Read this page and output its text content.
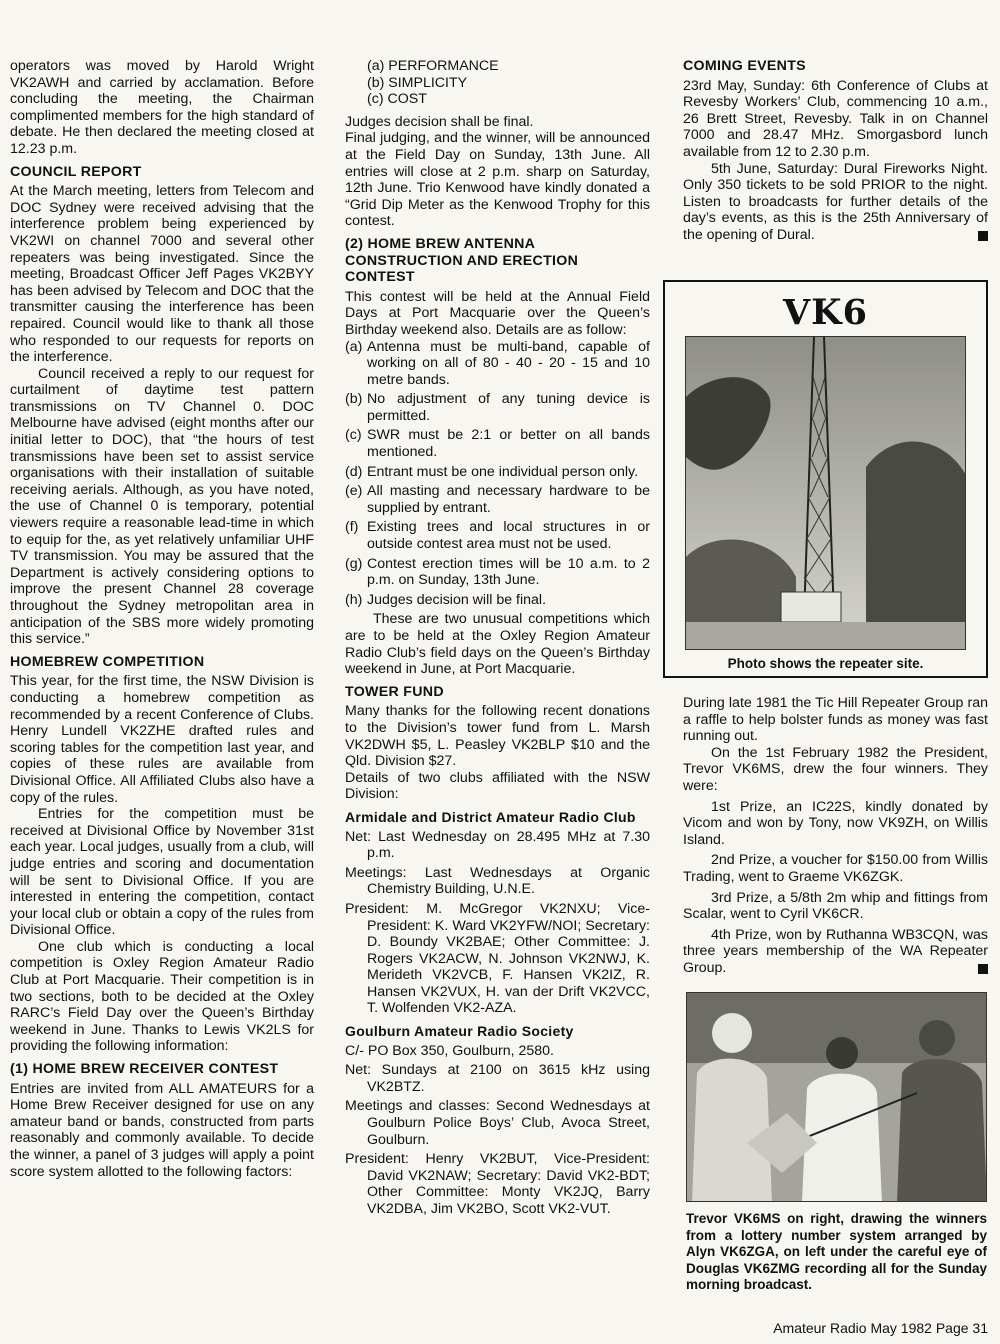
operators was moved by Harold Wright VK2AWH and carried by acclamation. Before concluding the meeting, the Chairman complimented members for the high standard of debate. He then declared the meeting closed at 12.23 p.m.

COUNCIL REPORT

At the March meeting, letters from Telecom and DOC Sydney were received advising that the interference problem being experienced by VK2WI on channel 7000 and several other repeaters was being investigated. Since the meeting, Broadcast Officer Jeff Pages VK2BYY has been advised by Telecom and DOC that the transmitter causing the interference has been repaired. Council would like to thank all those who responded to our requests for reports on the interference.

Council received a reply to our request for curtailment of daytime test pattern transmissions on TV Channel 0. DOC Melbourne have advised (eight months after our initial letter to DOC), that “the hours of test transmissions have been set to assist service organisations with their installation of suitable receiving aerials. Although, as you have noted, the use of Channel 0 is temporary, potential viewers require a reasonable lead-time in which to equip for the, as yet relatively unfamiliar UHF TV transmission. You may be assured that the Department is actively considering options to improve the present Channel 28 coverage throughout the Sydney metropolitan area in anticipation of the SBS more widely promoting this service.”

HOMEBREW COMPETITION

This year, for the first time, the NSW Division is conducting a homebrew competition as recommended by a recent Conference of Clubs. Henry Lundell VK2ZHE drafted rules and scoring tables for the competition last year, and copies of these rules are available from Divisional Office. All Affiliated Clubs also have a copy of the rules.

Entries for the competition must be received at Divisional Office by November 31st each year. Local judges, usually from a club, will judge entries and scoring and documentation will be sent to Divisional Office. If you are interested in entering the competition, contact your local club or obtain a copy of the rules from Divisional Office.

One club which is conducting a local competition is Oxley Region Amateur Radio Club at Port Macquarie. Their competition is in two sections, both to be decided at the Oxley RARC’s Field Day over the Queen’s Birthday weekend in June. Thanks to Lewis VK2LS for providing the following information:

(1) HOME BREW RECEIVER CONTEST

Entries are invited from ALL AMATEURS for a Home Brew Receiver designed for use on any amateur band or bands, constructed from parts reasonably and commonly available. To decide the winner, a panel of 3 judges will apply a point score system allotted to the following factors:

(a) PERFORMANCE
(b) SIMPLICITY
(c) COST

Judges decision shall be final.

Final judging, and the winner, will be announced at the Field Day on Sunday, 13th June. All entries will close at 2 p.m. sharp on Saturday, 12th June. Trio Kenwood have kindly donated a “Grid Dip Meter as the Kenwood Trophy for this contest.

(2) HOME BREW ANTENNA CONSTRUCTION AND ERECTION CONTEST

This contest will be held at the Annual Field Days at Port Macquarie over the Queen’s Birthday weekend also. Details are as follow:

(a) Antenna must be multi-band, capable of working on all of 80 - 40 - 20 - 15 and 10 metre bands.
(b) No adjustment of any tuning device is permitted.
(c) SWR must be 2:1 or better on all bands mentioned.
(d) Entrant must be one individual person only.
(e) All masting and necessary hardware to be supplied by entrant.
(f) Existing trees and local structures in or outside contest area must not be used.
(g) Contest erection times will be 10 a.m. to 2 p.m. on Sunday, 13th June.
(h) Judges decision will be final.

These are two unusual competitions which are to be held at the Oxley Region Amateur Radio Club’s field days on the Queen’s Birthday weekend in June, at Port Macquarie.

TOWER FUND

Many thanks for the following recent donations to the Division’s tower fund from L. Marsh VK2DWH $5, L. Peasley VK2BLP $10 and the Qld. Division $27.

Details of two clubs affiliated with the NSW Division:

Armidale and District Amateur Radio Club
Net: Last Wednesday on 28.495 MHz at 7.30 p.m.
Meetings: Last Wednesdays at Organic Chemistry Building, U.N.E.
President: M. McGregor VK2NXU; Vice-President: K. Ward VK2YFW/NOI; Secretary: D. Boundy VK2BAE; Other Committee: J. Rogers VK2ACW, N. Johnson VK2NWJ, K. Merideth VK2VCB, F. Hansen VK2IZ, R. Hansen VK2VUX, H. van der Drift VK2VCC, T. Wolfenden VK2-AZA.
Goulburn Amateur Radio Society
C/- PO Box 350, Goulburn, 2580.
Net: Sundays at 2100 on 3615 kHz using VK2BTZ.
Meetings and classes: Second Wednesdays at Goulburn Police Boys’ Club, Avoca Street, Goulburn.
President: Henry VK2BUT, Vice-President: David VK2NAW; Secretary: David VK2-BDT; Other Committee: Monty VK2JQ, Barry VK2DBA, Jim VK2BO, Scott VK2-VUT.
COMING EVENTS

23rd May, Sunday: 6th Conference of Clubs at Revesby Workers’ Club, commencing 10 a.m., 26 Brett Street, Revesby. Talk in on Channel 7000 and 28.47 MHz. Smorgasbord lunch available from 12 to 2.30 p.m.

5th June, Saturday: Dural Fireworks Night. Only 350 tickets to be sold PRIOR to the night. Listen to broadcasts for further details of the day’s events, as this is the 25th Anniversary of the opening of Dural.

VK6
Photo shows the repeater site.

During late 1981 the Tic Hill Repeater Group ran a raffle to help bolster funds as money was fast running out.

On the 1st February 1982 the President, Trevor VK6MS, drew the four winners. They were:

1st Prize, an IC22S, kindly donated by Vicom and won by Tony, now VK9ZH, on Willis Island.

2nd Prize, a voucher for $150.00 from Willis Trading, went to Graeme VK6ZGK.

3rd Prize, a 5/8th 2m whip and fittings from Scalar, went to Cyril VK6CR.

4th Prize, won by Ruthanna WB3CQN, was three years membership of the WA Repeater Group.

Trevor VK6MS on right, drawing the winners from a lottery number system arranged by Alyn VK6ZGA, on left under the careful eye of Douglas VK6ZMG recording all for the Sunday morning broadcast.
Amateur Radio May 1982 Page 31
